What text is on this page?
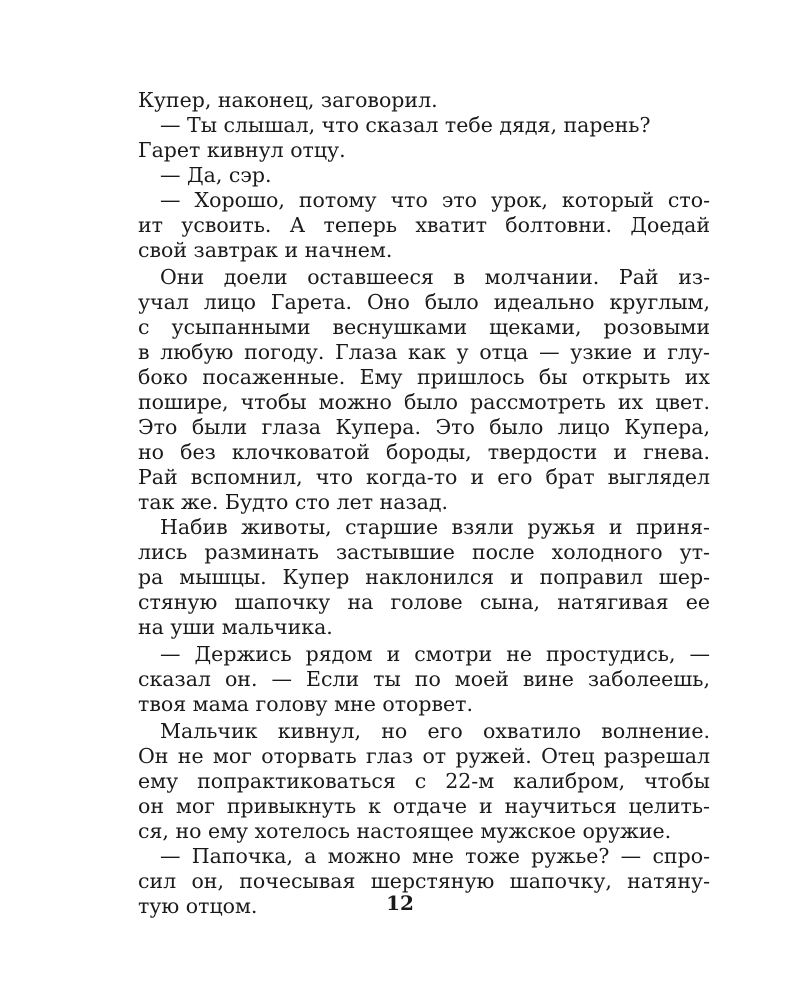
Купер, наконец, заговорил.
— Ты слышал, что сказал тебе дядя, парень?
Гарет кивнул отцу.
— Да, сэр.
— Хорошо, потому что это урок, который сто-
ит усвоить. А теперь хватит болтовни. Доедай
свой завтрак и начнем.
Они доели оставшееся в молчании. Рай из-
учал лицо Гарета. Оно было идеально круглым,
с усыпанными веснушками щеками, розовыми
в любую погоду. Глаза как у отца — узкие и глу-
боко посаженные. Ему пришлось бы открыть их
пошире, чтобы можно было рассмотреть их цвет.
Это были глаза Купера. Это было лицо Купера,
но без клочковатой бороды, твердости и гнева.
Рай вспомнил, что когда-то и его брат выглядел
так же. Будто сто лет назад.
Набив животы, старшие взяли ружья и приня-
лись разминать застывшие после холодного ут-
ра мышцы. Купер наклонился и поправил шер-
стяную шапочку на голове сына, натягивая ее
на уши мальчика.
— Держись рядом и смотри не простудись, —
сказал он. — Если ты по моей вине заболеешь,
твоя мама голову мне оторвет.
Мальчик кивнул, но его охватило волнение.
Он не мог оторвать глаз от ружей. Отец разрешал
ему попрактиковаться с 22-м калибром, чтобы
он мог привыкнуть к отдаче и научиться целить-
ся, но ему хотелось настоящее мужское оружие.
— Папочка, а можно мне тоже ружье? — спро-
сил он, почесывая шерстяную шапочку, натяну-
тую отцом.	12
